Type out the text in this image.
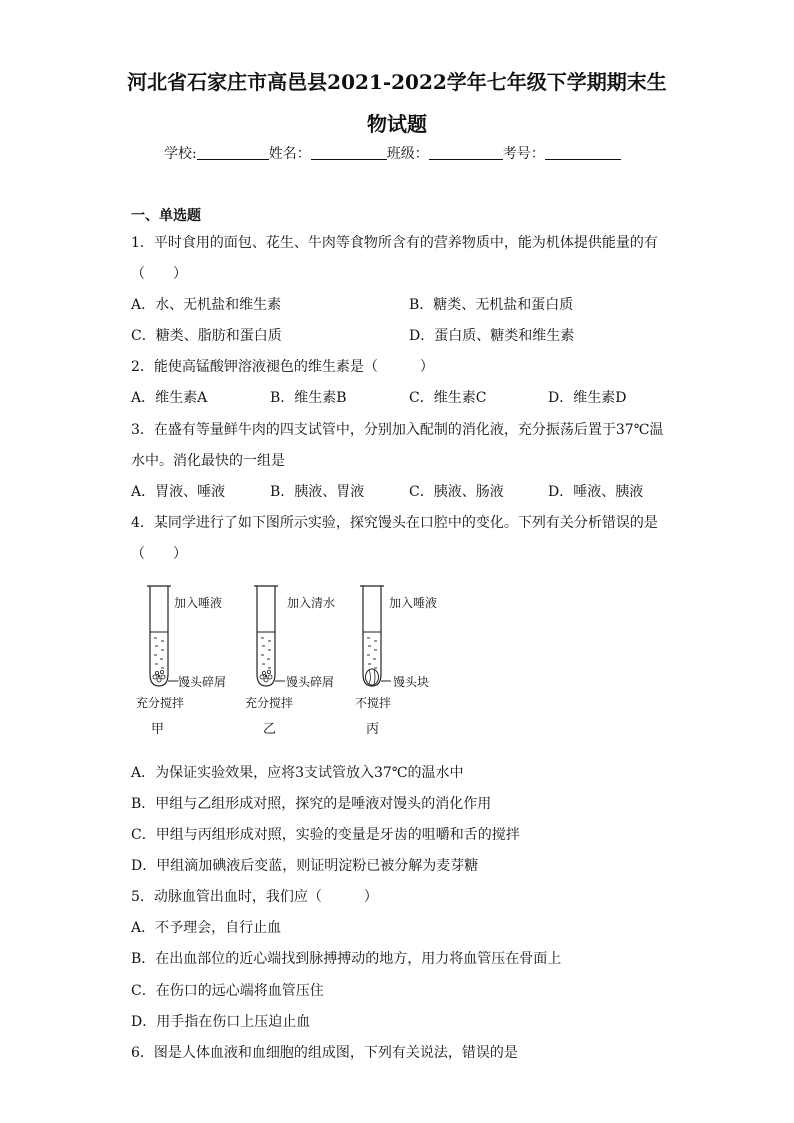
河北省石家庄市高邑县2021-2022学年七年级下学期期末生
物试题
学校:	姓名：	班级：	考号：
一、单选题
1．平时食用的面包、花生、牛肉等食物所含有的营养物质中，能为机体提供能量的有
（　　）
A．水、无机盐和维生素	B．糖类、无机盐和蛋白质
C．糖类、脂肪和蛋白质	D．蛋白质、糖类和维生素
2．能使高锰酸钾溶液褪色的维生素是（　　　）
A．维生素A	B．维生素B	C．维生素C	D．维生素D
3．在盛有等量鲜牛肉的四支试管中，分别加入配制的消化液，充分振荡后置于37℃温
水中。消化最快的一组是
A．胃液、唾液	B．胰液、胃液	C．胰液、肠液	D．唾液、胰液
4．某同学进行了如下图所示实验，探究馒头在口腔中的变化。下列有关分析错误的是
（　　）
加入唾液
馒头碎屑
充分搅拌
甲
加入清水
馒头碎屑
充分搅拌
乙
加入唾液
馒头块
不搅拌
丙
A．为保证实验效果，应将3支试管放入37℃的温水中
B．甲组与乙组形成对照，探究的是唾液对馒头的消化作用
C．甲组与丙组形成对照，实验的变量是牙齿的咀嚼和舌的搅拌
D．甲组滴加碘液后变蓝，则证明淀粉已被分解为麦芽糖
5．动脉血管出血时，我们应（　　　）
A．不予理会，自行止血
B．在出血部位的近心端找到脉搏搏动的地方，用力将血管压在骨面上
C．在伤口的远心端将血管压住
D．用手指在伤口上压迫止血
6．图是人体血液和血细胞的组成图，下列有关说法，错误的是
